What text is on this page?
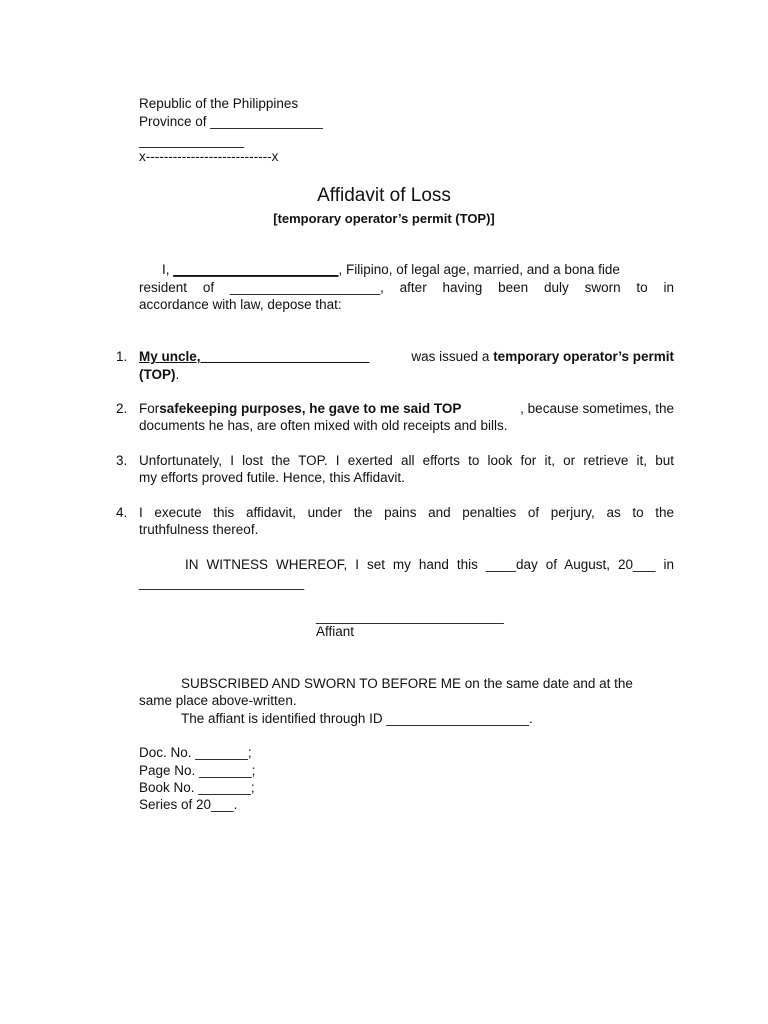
Republic of the Philippines
Province of _______________
______________
x----------------------------x
Affidavit of Loss
[temporary operator’s permit (TOP)]
I, ______________________, Filipino, of legal age, married, and a bona fide
resident of ____________________, after having been duly sworn to in
accordance with law, depose that:
1. My uncle, ______________________	was issued a temporary operator’s permit
(TOP).
2. For safekeeping purposes, he gave to me said TOP	, because sometimes, the
documents he has, are often mixed with old receipts and bills.
3. Unfortunately, I lost the TOP. I exerted all efforts to look for it, or retrieve it, but
my efforts proved futile. Hence, this Affidavit.
4. I execute this affidavit, under the pains and penalties of perjury, as to the
truthfulness thereof.
IN WITNESS WHEREOF, I set my hand this ____day of August, 20___ in
______________________
_________________________
Affiant
SUBSCRIBED AND SWORN TO BEFORE ME on the same date and at the
same place above-written.
The affiant is identified through ID ___________________.
Doc. No. _______;
Page No. _______;
Book No. _______;
Series of 20___.
